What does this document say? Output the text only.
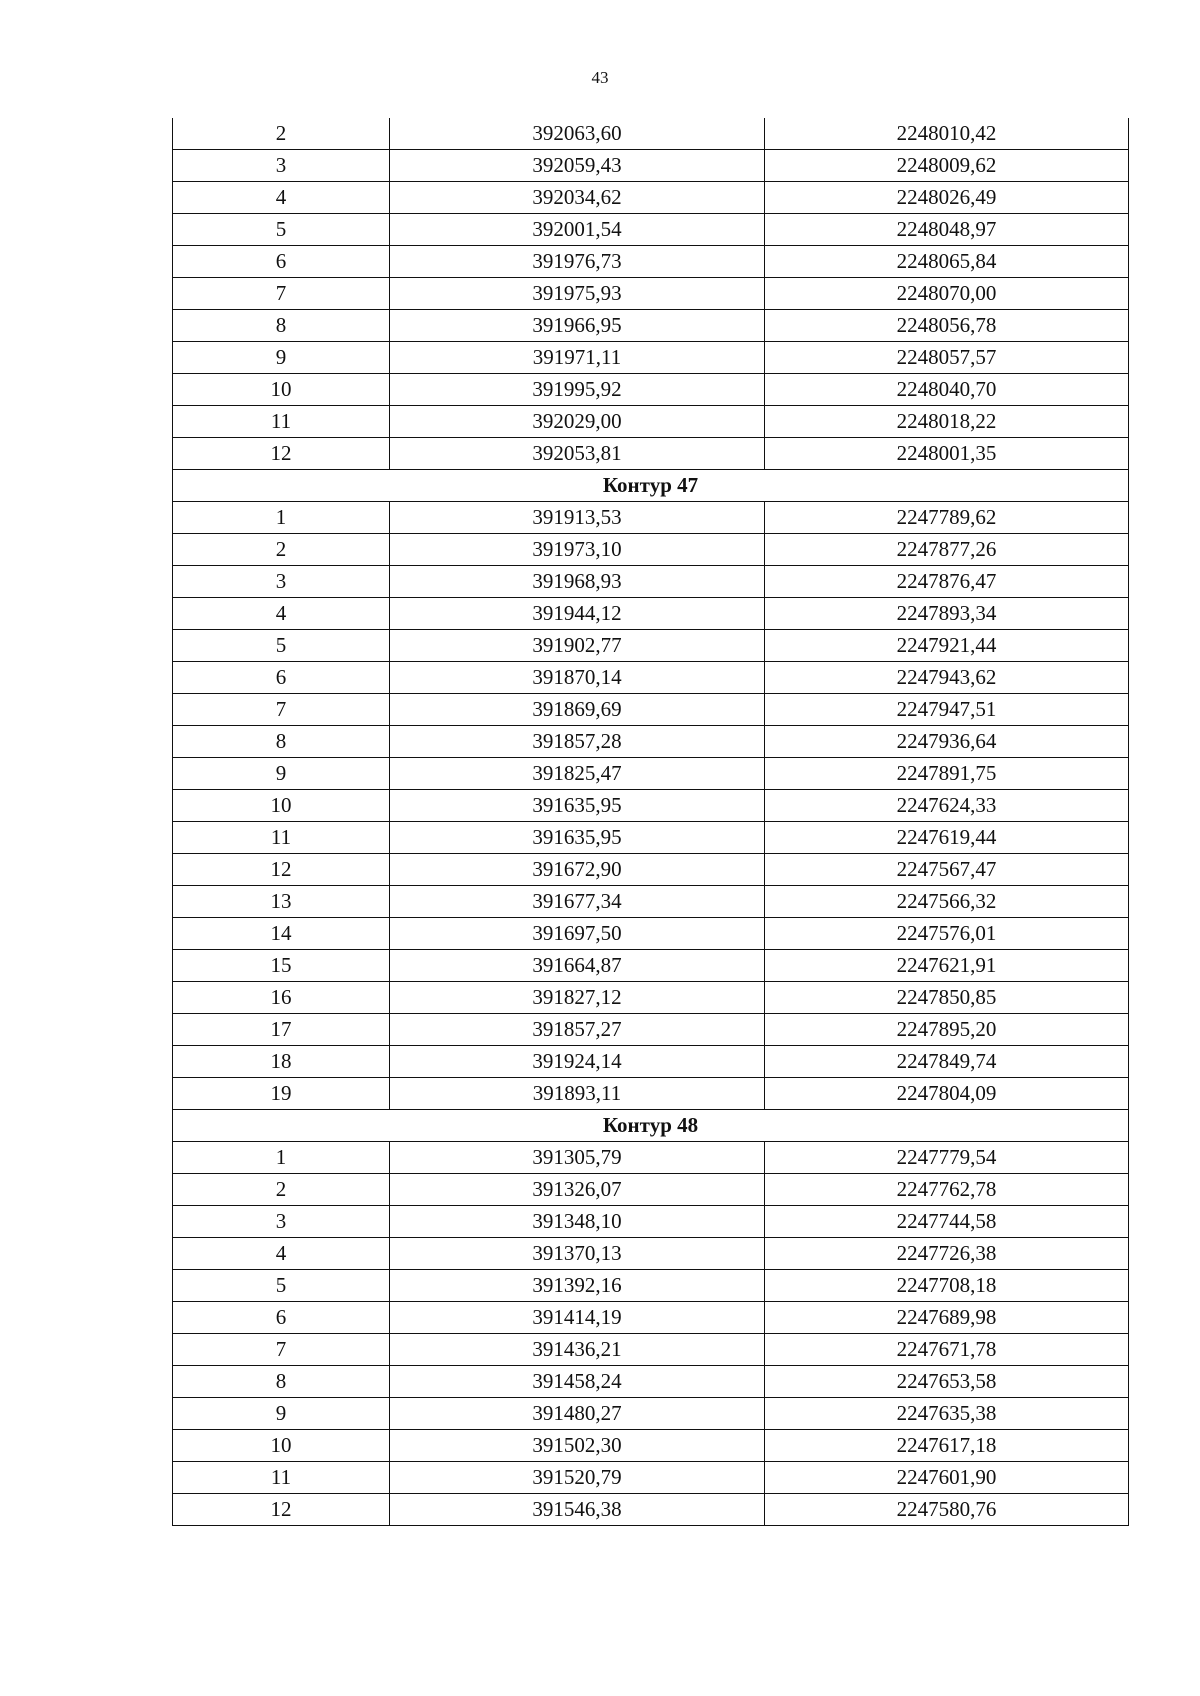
43
2	392063,60	2248010,42
3	392059,43	2248009,62
4	392034,62	2248026,49
5	392001,54	2248048,97
6	391976,73	2248065,84
7	391975,93	2248070,00
8	391966,95	2248056,78
9	391971,11	2248057,57
10	391995,92	2248040,70
11	392029,00	2248018,22
12	392053,81	2248001,35
Контур 47		
1	391913,53	2247789,62
2	391973,10	2247877,26
3	391968,93	2247876,47
4	391944,12	2247893,34
5	391902,77	2247921,44
6	391870,14	2247943,62
7	391869,69	2247947,51
8	391857,28	2247936,64
9	391825,47	2247891,75
10	391635,95	2247624,33
11	391635,95	2247619,44
12	391672,90	2247567,47
13	391677,34	2247566,32
14	391697,50	2247576,01
15	391664,87	2247621,91
16	391827,12	2247850,85
17	391857,27	2247895,20
18	391924,14	2247849,74
19	391893,11	2247804,09
Контур 48		
1	391305,79	2247779,54
2	391326,07	2247762,78
3	391348,10	2247744,58
4	391370,13	2247726,38
5	391392,16	2247708,18
6	391414,19	2247689,98
7	391436,21	2247671,78
8	391458,24	2247653,58
9	391480,27	2247635,38
10	391502,30	2247617,18
11	391520,79	2247601,90
12	391546,38	2247580,76
